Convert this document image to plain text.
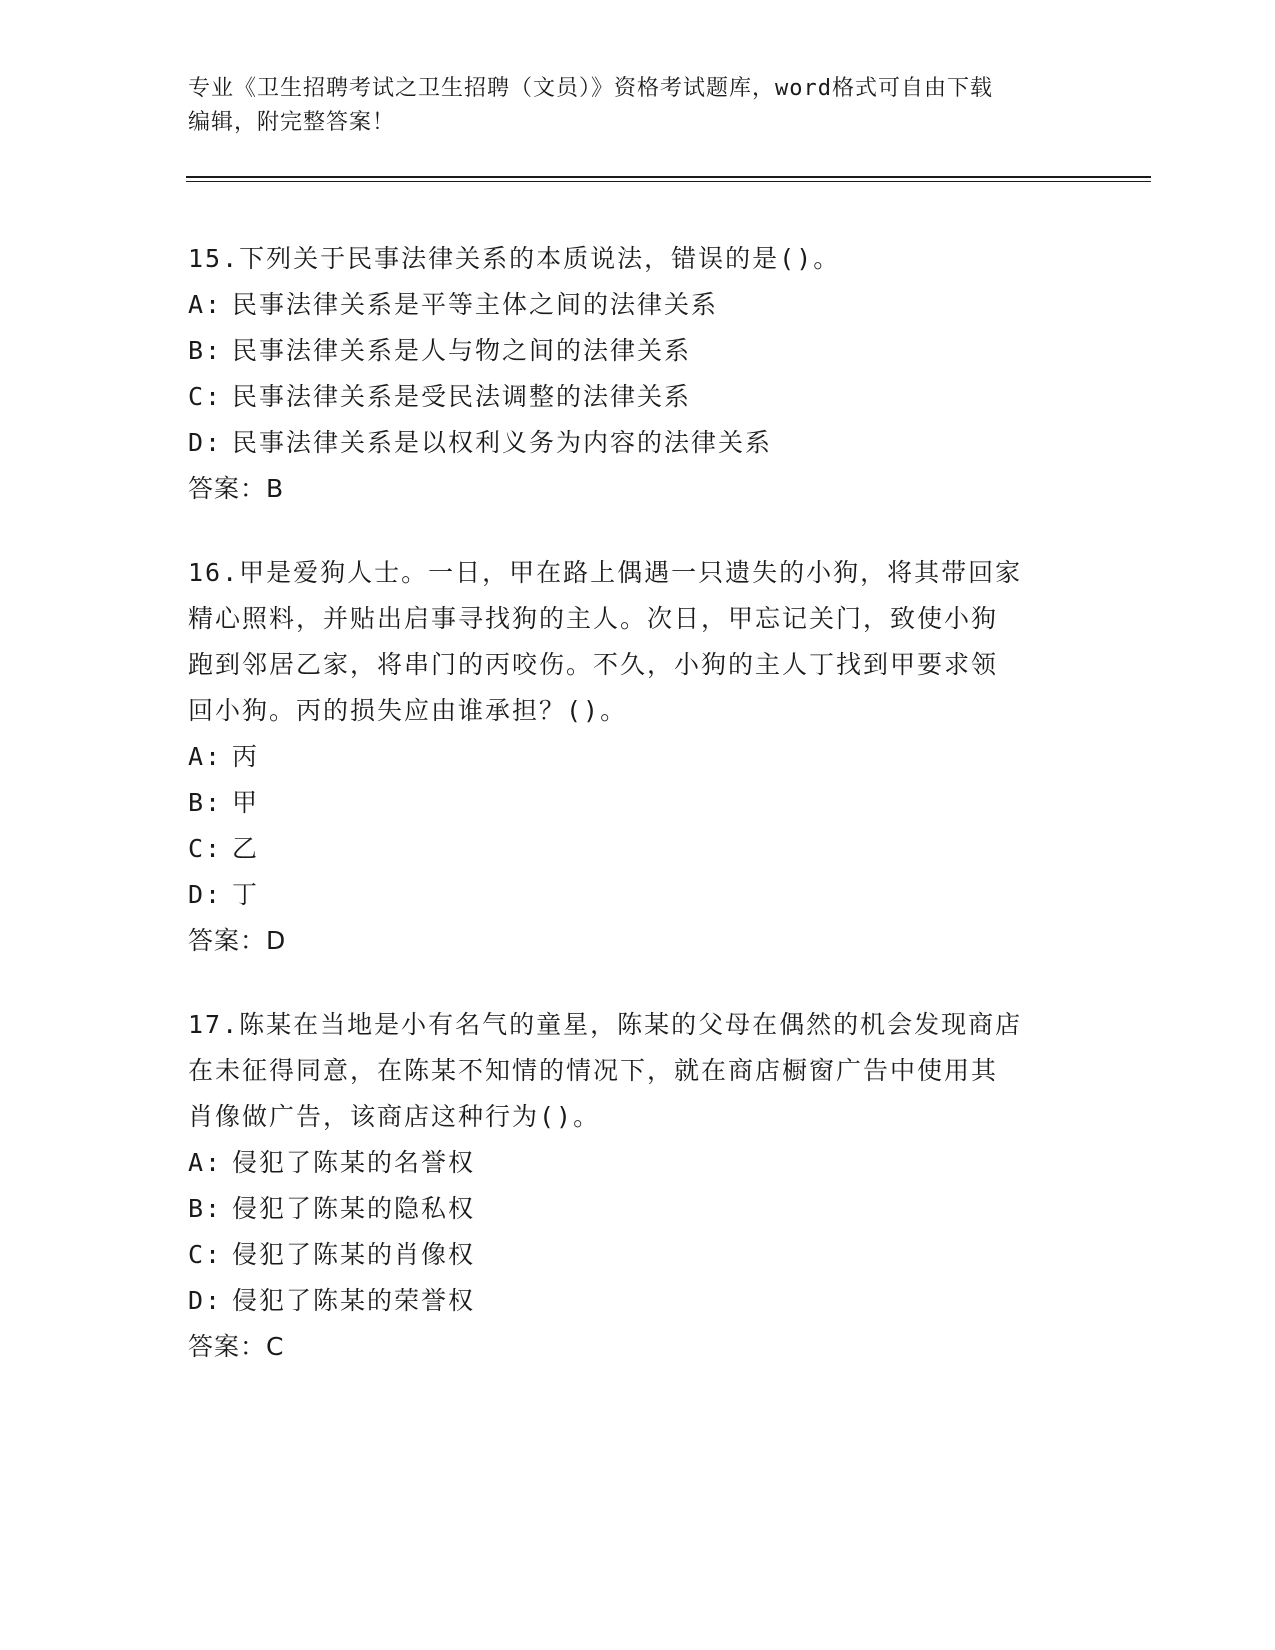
专业《卫生招聘考试之卫生招聘（文员）》资格考试题库，word格式可自由下载
编辑，附完整答案！
15.下列关于民事法律关系的本质说法，错误的是()。
A: 民事法律关系是平等主体之间的法律关系
B: 民事法律关系是人与物之间的法律关系
C: 民事法律关系是受民法调整的法律关系
D: 民事法律关系是以权利义务为内容的法律关系
答案：B
16.甲是爱狗人士。一日，甲在路上偶遇一只遗失的小狗，将其带回家
精心照料，并贴出启事寻找狗的主人。次日，甲忘记关门，致使小狗
跑到邻居乙家，将串门的丙咬伤。不久，小狗的主人丁找到甲要求领
回小狗。丙的损失应由谁承担？()。
A: 丙
B: 甲
C: 乙
D: 丁
答案：D
17.陈某在当地是小有名气的童星，陈某的父母在偶然的机会发现商店
在未征得同意，在陈某不知情的情况下，就在商店橱窗广告中使用其
肖像做广告，该商店这种行为()。
A: 侵犯了陈某的名誉权
B: 侵犯了陈某的隐私权
C: 侵犯了陈某的肖像权
D: 侵犯了陈某的荣誉权
答案：C
